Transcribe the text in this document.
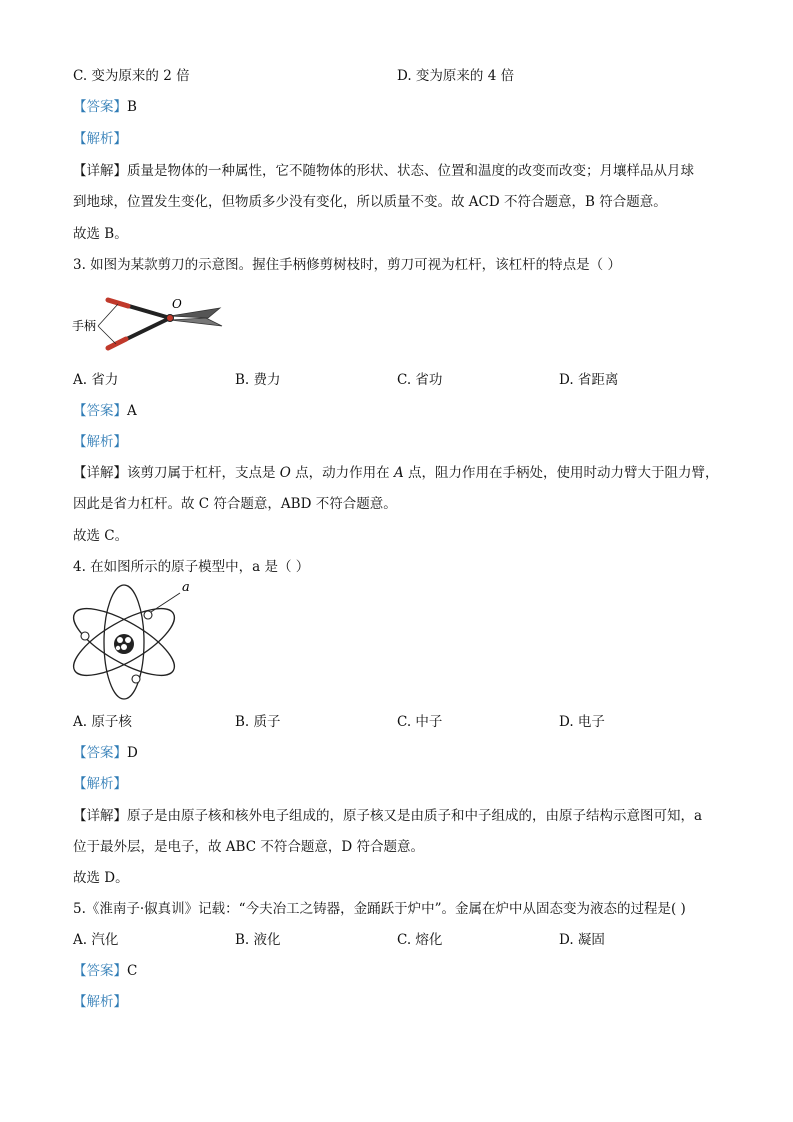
C. 变为原来的 2 倍	D. 变为原来的 4 倍
【答案】B
【解析】
【详解】质量是物体的一种属性，它不随物体的形状、状态、位置和温度的改变而改变；月壤样品从月球
到地球，位置发生变化，但物质多少没有变化，所以质量不变。故 ACD 不符合题意，B 符合题意。
故选 B。
3. 如图为某款剪刀的示意图。握住手柄修剪树枝时，剪刀可视为杠杆，该杠杆的特点是（ ）
O
手柄
A. 省力	B. 费力	C. 省功	D. 省距离
【答案】A
【解析】
【详解】该剪刀属于杠杆，支点是 O 点，动力作用在 A 点，阻力作用在手柄处，使用时动力臂大于阻力臂，
因此是省力杠杆。故 C 符合题意，ABD 不符合题意。
故选 C。
4. 在如图所示的原子模型中，a 是（ ）
a
A. 原子核	B. 质子	C. 中子	D. 电子
【答案】D
【解析】
【详解】原子是由原子核和核外电子组成的，原子核又是由质子和中子组成的，由原子结构示意图可知，a
位于最外层，是电子，故 ABC 不符合题意，D 符合题意。
故选 D。
5.《淮南子·俶真训》记载：“今夫冶工之铸器，金踊跃于炉中”。金属在炉中从固态变为液态的过程是( )
A. 汽化	B. 液化	C. 熔化	D. 凝固
【答案】C
【解析】
